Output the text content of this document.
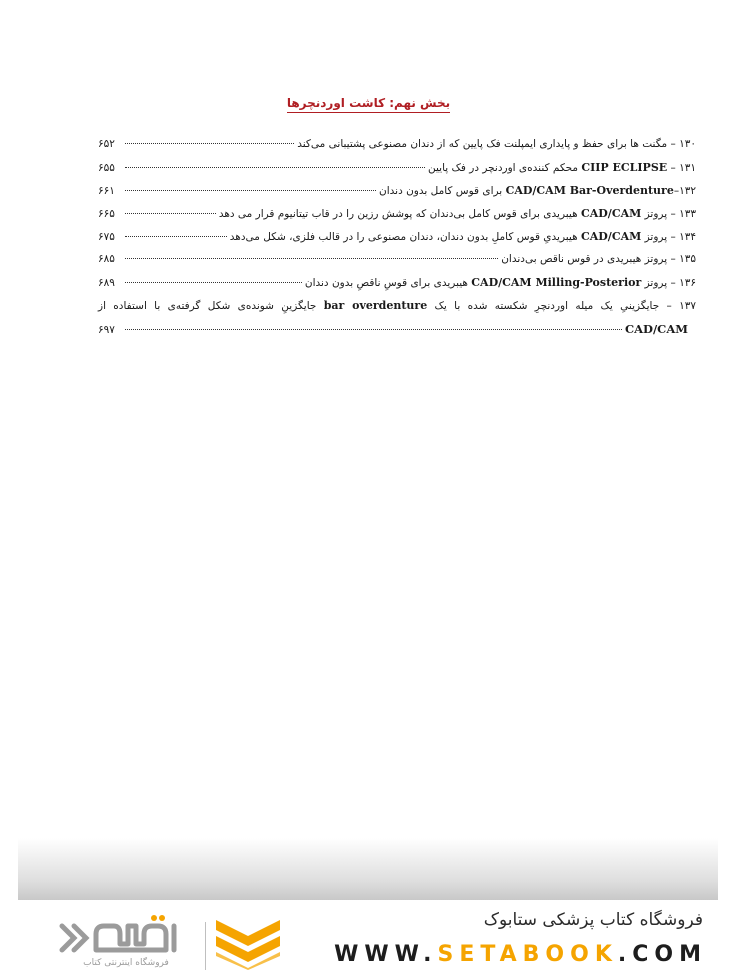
بخش نهم: کاشت اوردنچرها
۱۳۰ – مگنت ها برای حفظ و پایداری ایمپلنت فک پایین که از دندان مصنوعی پشتیبانی می‌کند
۶۵۲
۱۳۱ – CIIP ECLIPSE محکم کننده‌ی اوردنچر در فک پایین
۶۵۵
۱۳۲–CAD/CAM Bar-Overdenture برای قوس کامل بدون دندان
۶۶۱
۱۳۳ – پروتز CAD/CAM هیبریدی برای قوس کامل بی‌دندان که پوشش رزین را در قاب تیتانیوم قرار می دهد
۶۶۵
۱۳۴ – پروتز CAD/CAM هیبریدیِ قوس کاملِ بدون دندان، دندان مصنوعی را در قالب فلزی، شکل می‌دهد
۶۷۵
۱۳۵ – پروتز هیبریدی در قوس ناقص بی‌دندان
۶۸۵
۱۳۶ – پروتز CAD/CAM Milling-Posterior هیبریدی برای قوسِ ناقصِ بدون دندان
۶۸۹
۱۳۷ – جایگزینیِ یک میله اوردنچرِ شکسته شده با یک bar overdenture جایگزینِ شونده‌ی شکل گرفته‌ی با استفاده از
CAD/CAM
۶۹۷
فروشگاه اینترنتی کتاب
فروشگاه کتاب پزشکی ستابوک
WWW.SETABOOK.COM
